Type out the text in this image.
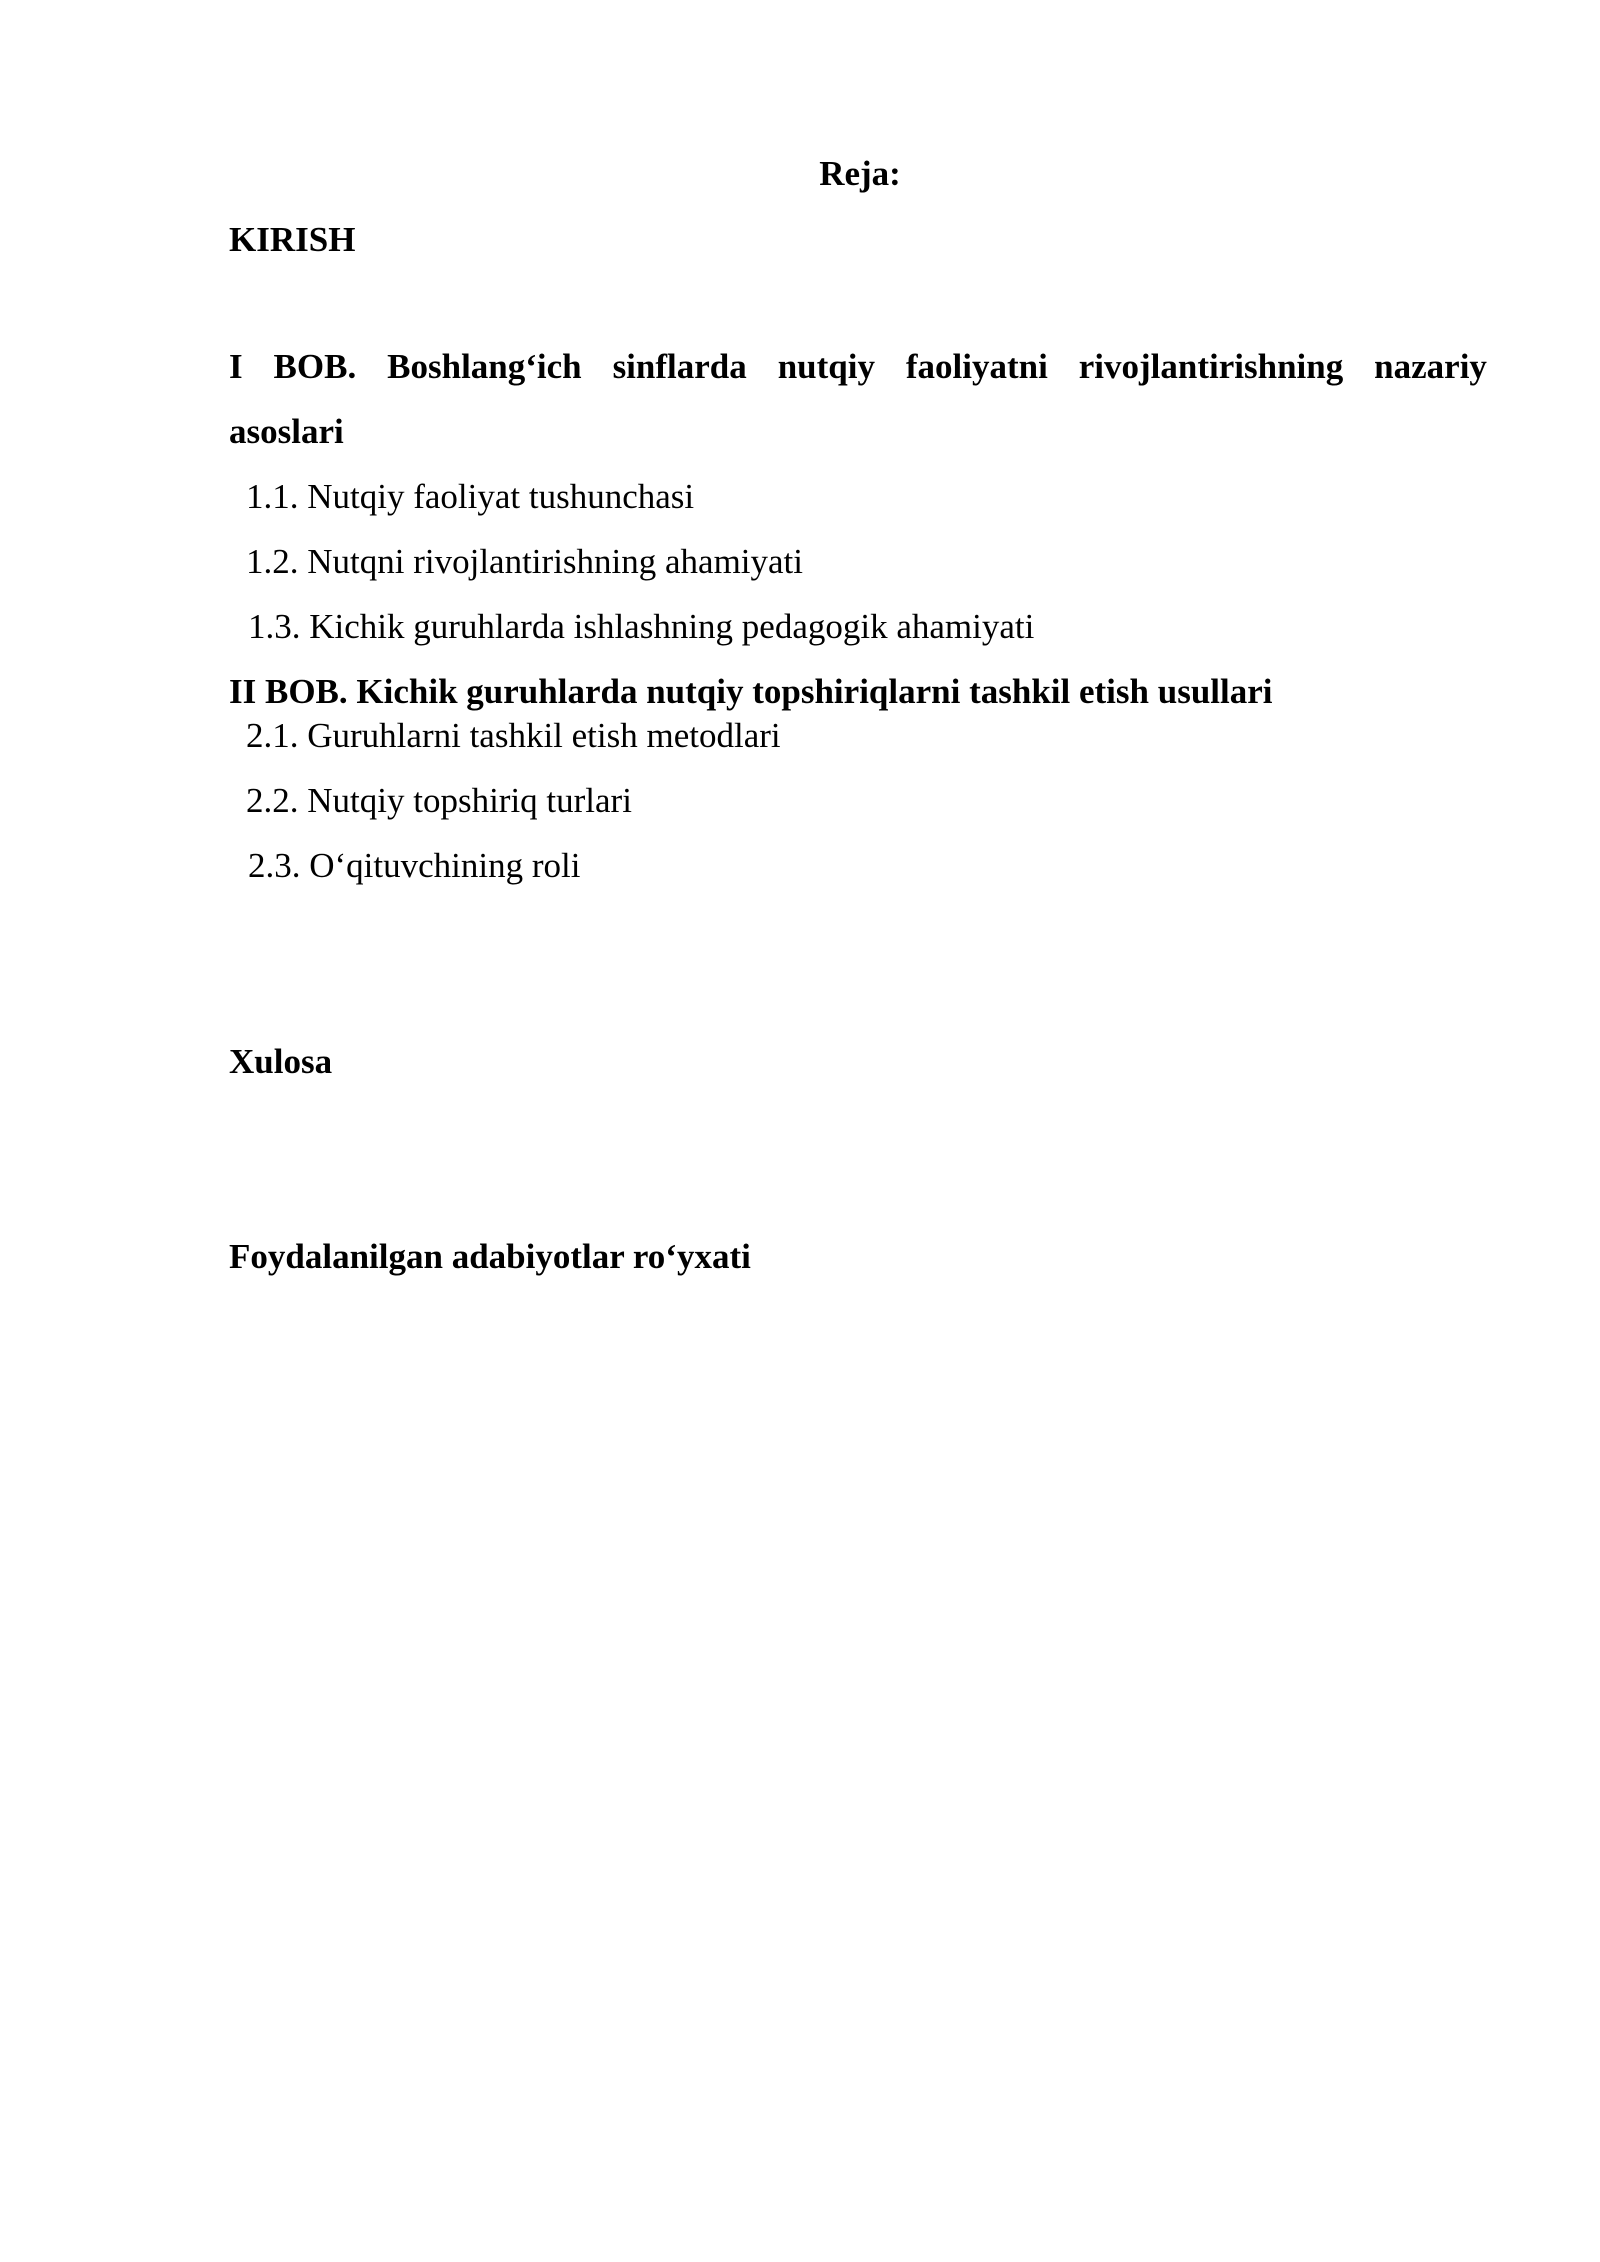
Reja:
KIRISH
I BOB. Boshlang‘ich sinflarda nutqiy faoliyatni rivojlantirishning nazariy
asoslari
1.1. Nutqiy faoliyat tushunchasi
1.2. Nutqni rivojlantirishning ahamiyati
1.3. Kichik guruhlarda ishlashning pedagogik ahamiyati
II BOB. Kichik guruhlarda nutqiy topshiriqlarni tashkil etish usullari
2.1. Guruhlarni tashkil etish metodlari
2.2. Nutqiy topshiriq turlari
2.3. O‘qituvchining roli
Xulosa
Foydalanilgan adabiyotlar ro‘yxati
